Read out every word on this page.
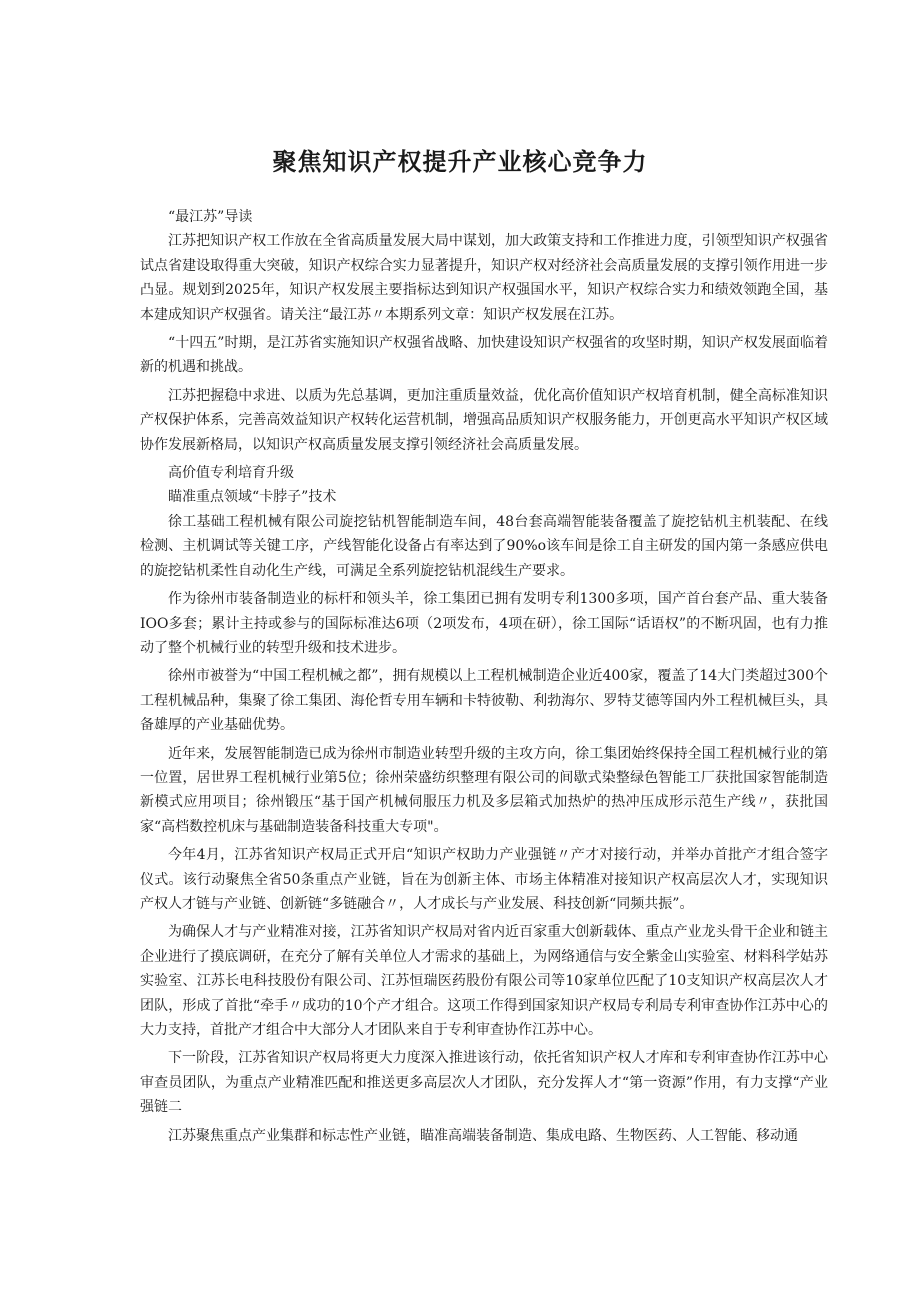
聚焦知识产权提升产业核心竞争力

“最江苏”导读

江苏把知识产权工作放在全省高质量发展大局中谋划，加大政策支持和工作推进力度，引领型知识产权强省试点省建设取得重大突破，知识产权综合实力显著提升，知识产权对经济社会高质量发展的支撑引领作用进一步凸显。规划到2025年，知识产权发展主要指标达到知识产权强国水平，知识产权综合实力和绩效领跑全国，基本建成知识产权强省。请关注“最江苏〃本期系列文章：知识产权发展在江苏。

“十四五”时期，是江苏省实施知识产权强省战略、加快建设知识产权强省的攻坚时期，知识产权发展面临着新的机遇和挑战。

江苏把握稳中求进、以质为先总基调，更加注重质量效益，优化高价值知识产权培育机制，健全高标准知识产权保护体系，完善高效益知识产权转化运营机制，增强高品质知识产权服务能力，开创更高水平知识产权区域协作发展新格局，以知识产权高质量发展支撑引领经济社会高质量发展。

高价值专利培育升级

瞄准重点领域“卡脖子”技术

徐工基础工程机械有限公司旋挖钻机智能制造车间，48台套高端智能装备覆盖了旋挖钻机主机装配、在线检测、主机调试等关键工序，产线智能化设备占有率达到了90%o该车间是徐工自主研发的国内第一条感应供电的旋挖钻机柔性自动化生产线，可满足全系列旋挖钻机混线生产要求。

作为徐州市装备制造业的标杆和领头羊，徐工集团已拥有发明专利1300多项，国产首台套产品、重大装备IOO多套；累计主持或参与的国际标准达6项（2项发布，4项在研），徐工国际“话语权”的不断巩固，也有力推动了整个机械行业的转型升级和技术进步。

徐州市被誉为“中国工程机械之都”，拥有规模以上工程机械制造企业近400家，覆盖了14大门类超过300个工程机械品种，集聚了徐工集团、海伦哲专用车辆和卡特彼勒、利勃海尔、罗特艾德等国内外工程机械巨头，具备雄厚的产业基础优势。

近年来，发展智能制造已成为徐州市制造业转型升级的主攻方向，徐工集团始终保持全国工程机械行业的第一位置，居世界工程机械行业第5位；徐州荣盛纺织整理有限公司的间歇式染整绿色智能工厂获批国家智能制造新模式应用项目；徐州锻压“基于国产机械伺服压力机及多层箱式加热炉的热冲压成形示范生产线〃，获批国家“高档数控机床与基础制造装备科技重大专项"。

今年4月，江苏省知识产权局正式开启“知识产权助力产业强链〃产才对接行动，并举办首批产才组合签字仪式。该行动聚焦全省50条重点产业链，旨在为创新主体、市场主体精准对接知识产权高层次人才，实现知识产权人才链与产业链、创新链“多链融合〃，人才成长与产业发展、科技创新“同频共振”。

为确保人才与产业精准对接，江苏省知识产权局对省内近百家重大创新载体、重点产业龙头骨干企业和链主企业进行了摸底调研，在充分了解有关单位人才需求的基础上，为网络通信与安全紫金山实验室、材料科学姑苏实验室、江苏长电科技股份有限公司、江苏恒瑞医药股份有限公司等10家单位匹配了10支知识产权高层次人才团队，形成了首批“牵手〃成功的10个产才组合。这项工作得到国家知识产权局专利局专利审查协作江苏中心的大力支持，首批产才组合中大部分人才团队来自于专利审查协作江苏中心。

下一阶段，江苏省知识产权局将更大力度深入推进该行动，依托省知识产权人才库和专利审查协作江苏中心审查员团队，为重点产业精准匹配和推送更多高层次人才团队，充分发挥人才“第一资源”作用，有力支撑“产业强链二

江苏聚焦重点产业集群和标志性产业链，瞄准高端装备制造、集成电路、生物医药、人工智能、移动通
